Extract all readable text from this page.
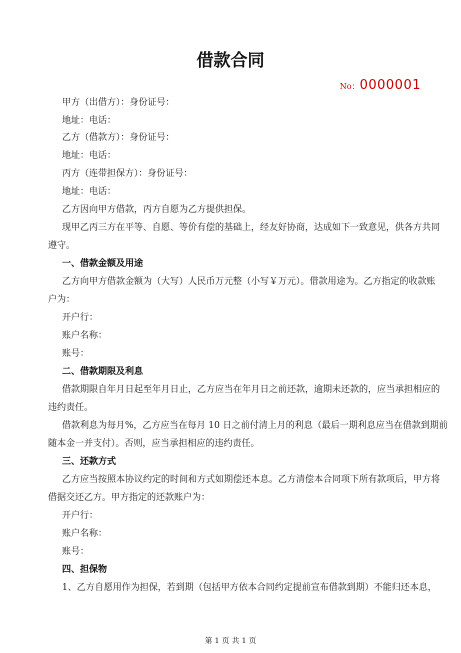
借款合同
No：0000001
甲方（出借方）：身份证号：
地址：电话：
乙方（借款方）：身份证号：
地址：电话：
丙方（连带担保方）：身份证号：
地址：电话：
乙方因向甲方借款，丙方自愿为乙方提供担保。
现甲乙丙三方在平等、自愿、等价有偿的基础上，经友好协商，达成如下一致意见，供各方共同
遵守。
一、借款金额及用途
乙方向甲方借款金额为（大写）人民币万元整（小写￥万元）。借款用途为。乙方指定的收款账
户为：
开户行：
账户名称：
账号：
二、借款期限及利息
借款期限自年月日起至年月日止，乙方应当在年月日之前还款，逾期未还款的，应当承担相应的
违约责任。
借款利息为每月%，乙方应当在每月 10 日之前付清上月的利息（最后一期利息应当在借款到期前
随本金一并支付）。否则，应当承担相应的违约责任。
三、还款方式
乙方应当按照本协议约定的时间和方式如期偿还本息。乙方清偿本合同项下所有款项后，甲方将
借据交还乙方。甲方指定的还款账户为：
开户行：
账户名称：
账号：
四、担保物
1、乙方自愿用作为担保，若到期（包括甲方依本合同约定提前宣布借款到期）不能归还本息，
第 1 页 共 1 页
